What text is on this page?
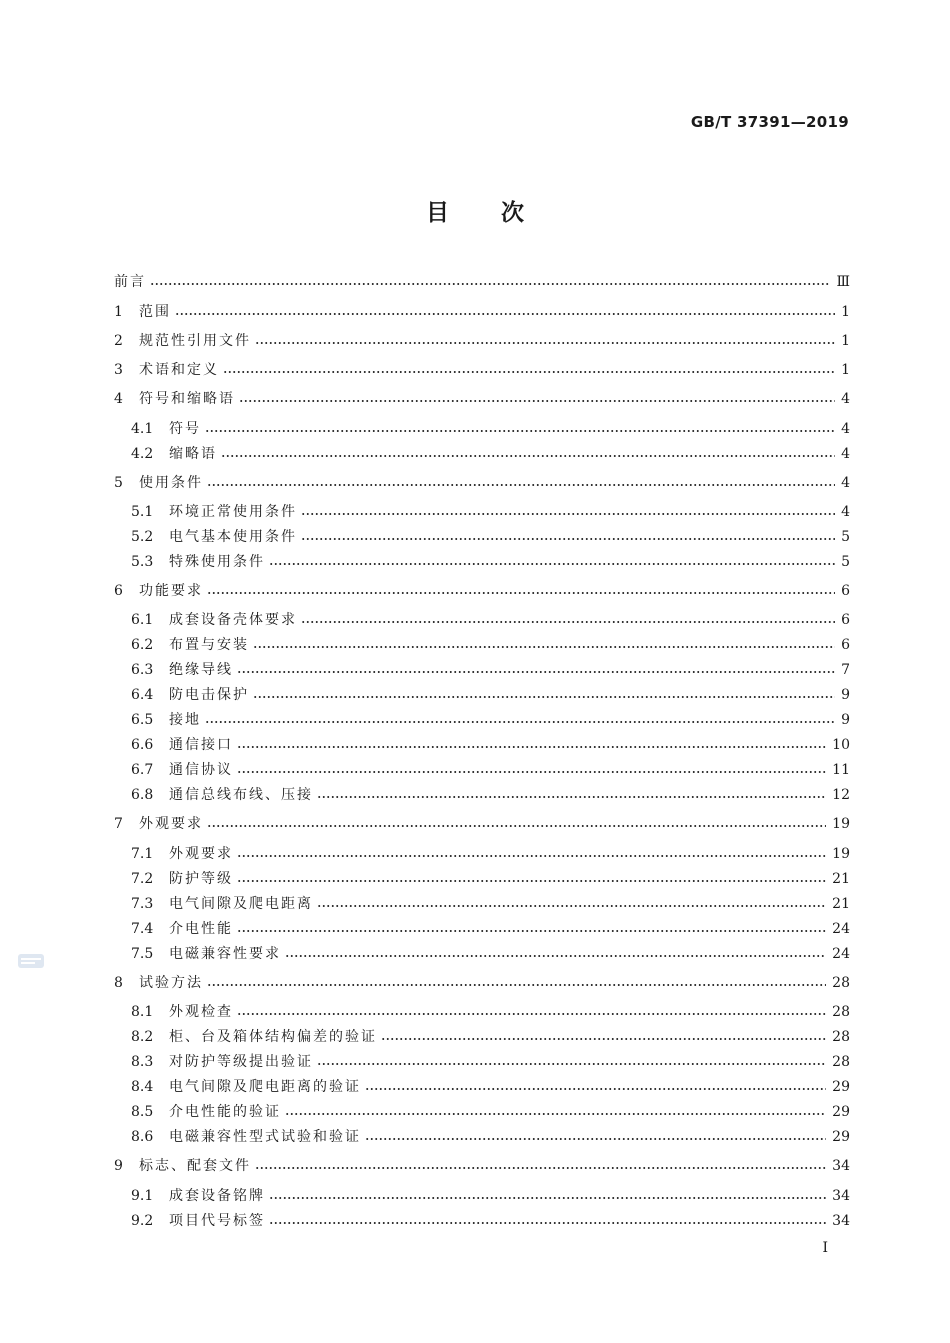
GB/T 37391—2019
目次
前言	Ⅲ
1	范围	1
2	规范性引用文件	1
3	术语和定义	1
4	符号和缩略语	4
4.1	符号	4
4.2	缩略语	4
5	使用条件	4
5.1	环境正常使用条件	4
5.2	电气基本使用条件	5
5.3	特殊使用条件	5
6	功能要求	6
6.1	成套设备壳体要求	6
6.2	布置与安装	6
6.3	绝缘导线	7
6.4	防电击保护	9
6.5	接地	9
6.6	通信接口	10
6.7	通信协议	11
6.8	通信总线布线、压接	12
7	外观要求	19
7.1	外观要求	19
7.2	防护等级	21
7.3	电气间隙及爬电距离	21
7.4	介电性能	24
7.5	电磁兼容性要求	24
8	试验方法	28
8.1	外观检查	28
8.2	柜、台及箱体结构偏差的验证	28
8.3	对防护等级提出验证	28
8.4	电气间隙及爬电距离的验证	29
8.5	介电性能的验证	29
8.6	电磁兼容性型式试验和验证	29
9	标志、配套文件	34
9.1	成套设备铭牌	34
9.2	项目代号标签	34
I
